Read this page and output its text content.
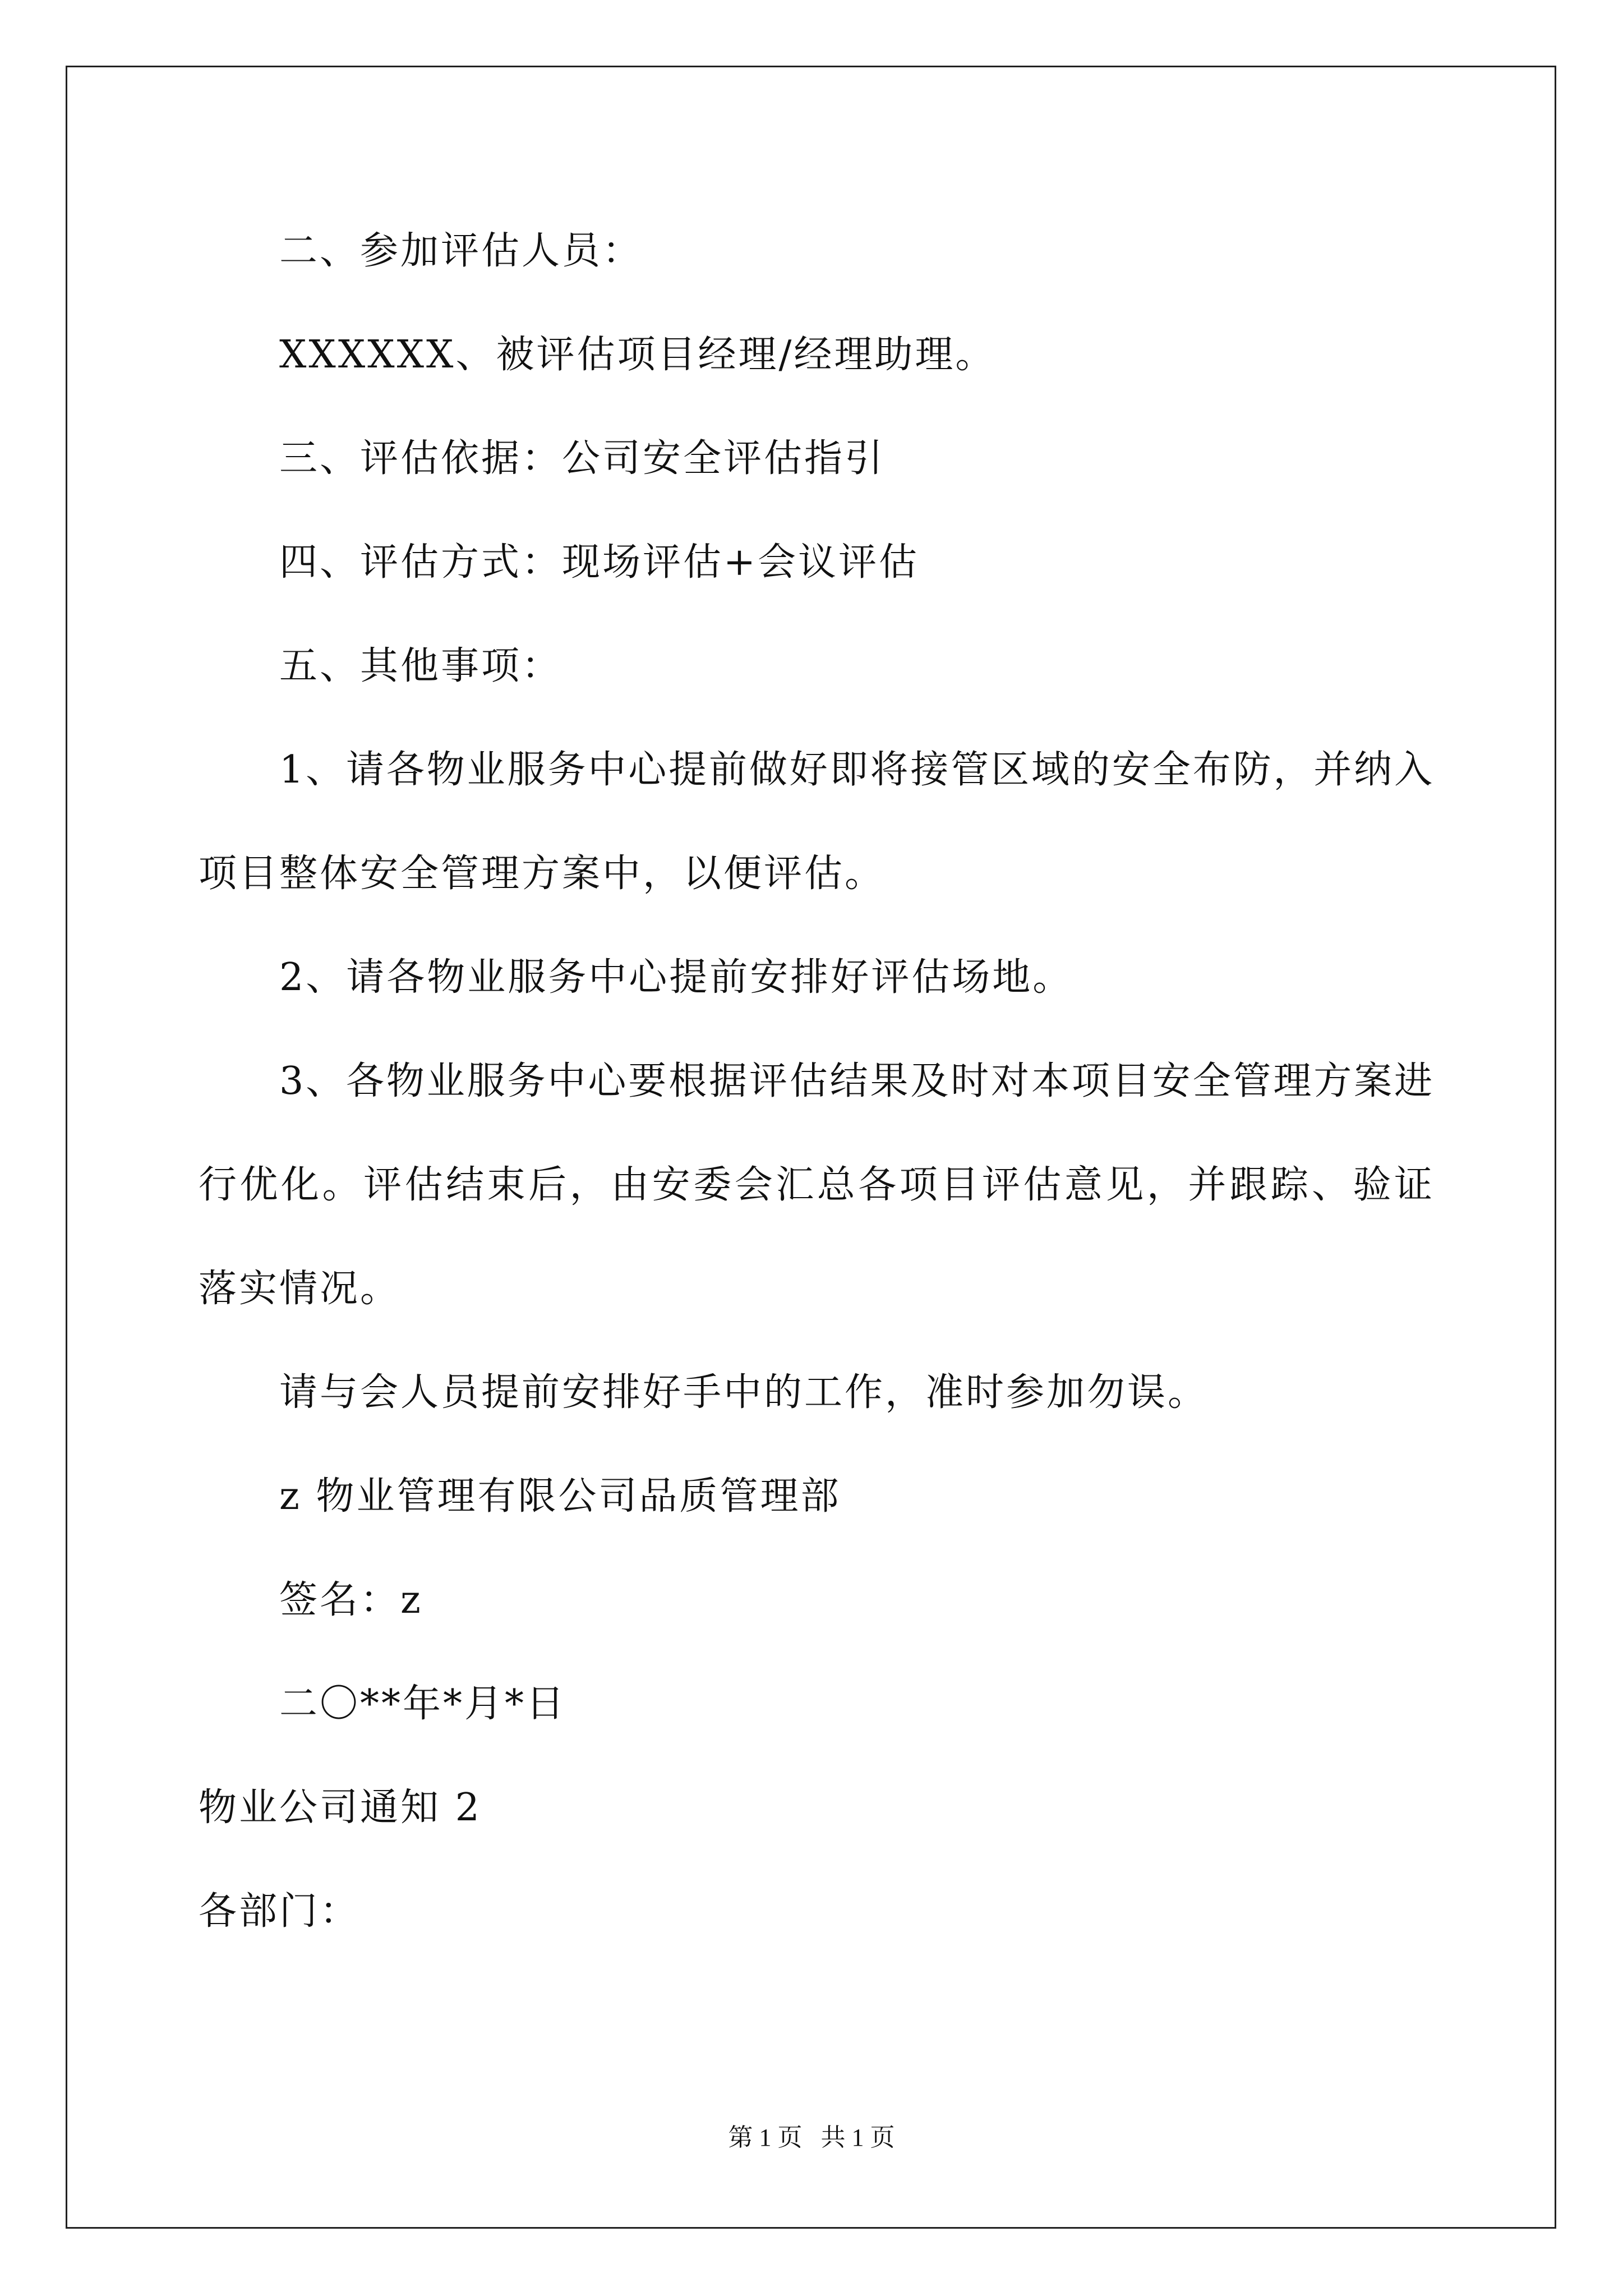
二、参加评估人员：
XXXXXX、被评估项目经理/经理助理。
三、评估依据：公司安全评估指引
四、评估方式：现场评估+会议评估
五、其他事项：
1、请各物业服务中心提前做好即将接管区域的安全布防，并纳入
项目整体安全管理方案中，以便评估。
2、请各物业服务中心提前安排好评估场地。
3、各物业服务中心要根据评估结果及时对本项目安全管理方案进
行优化。评估结束后，由安委会汇总各项目评估意见，并跟踪、验证
落实情况。
请与会人员提前安排好手中的工作，准时参加勿误。
z 物业管理有限公司品质管理部
签名：z
二〇**年*月*日
物业公司通知 2
各部门：
第 1 页   共 1 页
